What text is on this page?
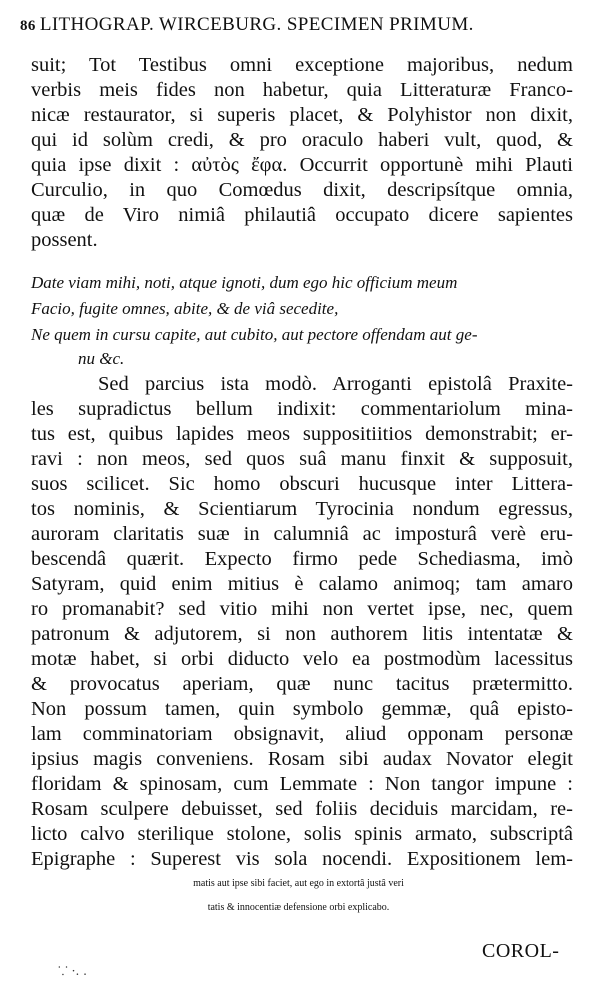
86 LITHOGRAP. WIRCEBURG. SPECIMEN PRIMUM.
suit; Tot Testibus omni exceptione majoribus, nedum
verbis meis fides non habetur, quia Litteraturæ Franco-
nicæ restaurator, si superis placet, & Polyhistor non dixit,
qui id solùm credi, & pro oraculo haberi vult, quod, &
quia ipse dixit : αὐτὸς ἔφα. Occurrit opportunè mihi Plauti
Curculio, in quo Comœdus dixit, descripsítque omnia,
quæ de Viro nimiâ philautiâ occupato dicere sapientes
possent.
Date viam mihi, noti, atque ignoti, dum ego hic officium meum
Facio, fugite omnes, abite, & de viâ secedite,
Ne quem in cursu capite, aut cubito, aut pectore offendam aut ge-
nu &c.
Sed parcius ista modò. Arroganti epistolâ Praxite-
les supradictus bellum indixit: commentariolum mina-
tus est, quibus lapides meos suppositiitios demonstrabit; er-
ravi : non meos, sed quos suâ manu finxit & supposuit,
suos scilicet. Sic homo obscuri hucusque inter Littera-
tos nominis, & Scientiarum Tyrocinia nondum egressus,
auroram claritatis suæ in calumniâ ac imposturâ verè eru-
bescendâ quærit. Expecto firmo pede Schediasma, imò
Satyram, quid enim mitius è calamo animoq; tam amaro
ro promanabit? sed vitio mihi non vertet ipse, nec, quem
patronum & adjutorem, si non authorem litis intentatæ &
motæ habet, si orbi diducto velo ea postmodùm lacessitus
& provocatus aperiam, quæ nunc tacitus prætermitto.
Non possum tamen, quin symbolo gemmæ, quâ episto-
lam comminatoriam obsignavit, aliud opponam personæ
ipsius magis conveniens. Rosam sibi audax Novator elegit
floridam & spinosam, cum Lemmate : Non tangor impune :
Rosam sculpere debuisset, sed foliis deciduis marcidam, re-
licto calvo sterilique stolone, solis spinis armato, subscriptâ
Epigraphe : Superest vis sola nocendi. Expositionem lem-
matis aut ipse sibi faciet, aut ego in extortâ justâ veri
tatis & innocentiæ defensione orbi explicabo.
COROL-
⸪ ·. .
